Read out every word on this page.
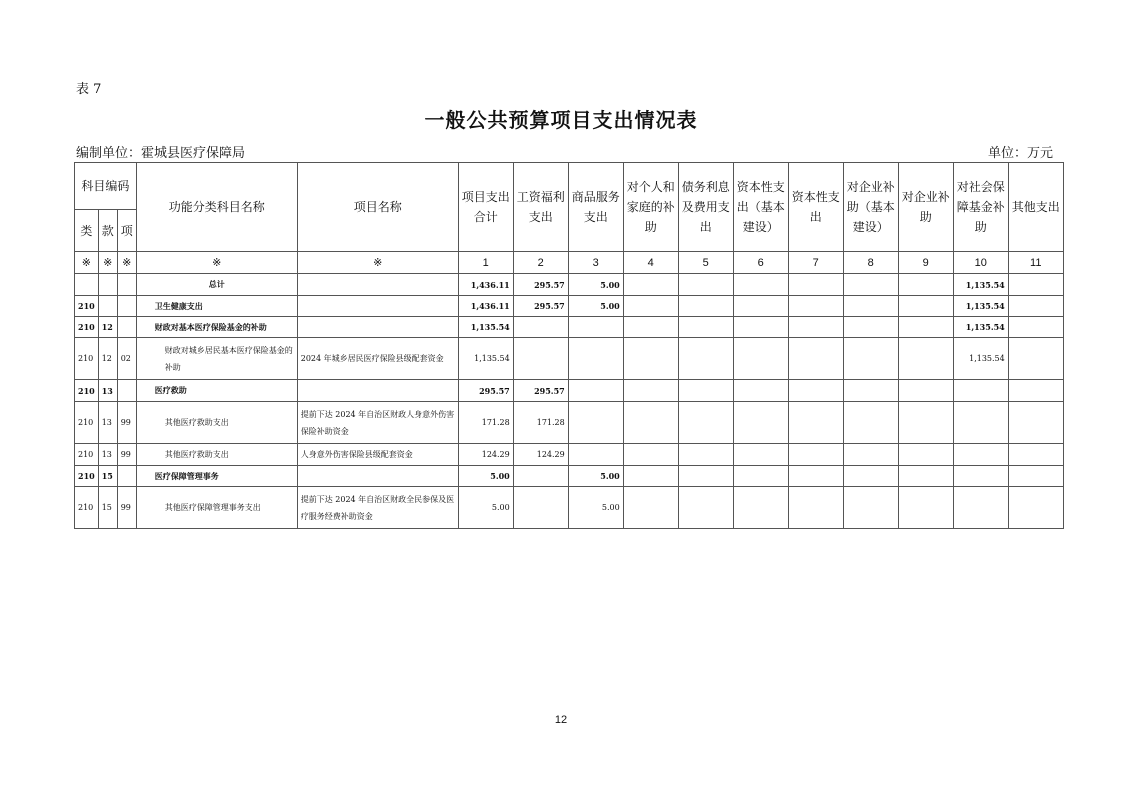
表 7
一般公共预算项目支出情况表
编制单位：霍城县医疗保障局	单位：万元
科目编码			功能分类科目名称	项目名称	项目支出合计	工资福利支出	商品服务支出	对个人和家庭的补助	债务利息及费用支出	资本性支出（基本建设）	资本性支出	对企业补助（基本建设）	对企业补助	对社会保障基金补助	其他支出
类	款	项													
※	※	※	※	※	1	2	3	4	5	6	7	8	9	10	11
			总计		1,436.11	295.57	5.00							1,135.54	
210			卫生健康支出		1,436.11	295.57	5.00							1,135.54	
210	12		财政对基本医疗保险基金的补助		1,135.54									1,135.54	
210	12	02	财政对城乡居民基本医疗保险基金的补助	2024 年城乡居民医疗保险县级配套资金	1,135.54									1,135.54	
210	13		医疗救助		295.57	295.57									
210	13	99	其他医疗救助支出	提前下达 2024 年自治区财政人身意外伤害保险补助资金	171.28	171.28									
210	13	99	其他医疗救助支出	人身意外伤害保险县级配套资金	124.29	124.29									
210	15		医疗保障管理事务		5.00		5.00								
210	15	99	其他医疗保障管理事务支出	提前下达 2024 年自治区财政全民参保及医疗服务经费补助资金	5.00		5.00								
12
